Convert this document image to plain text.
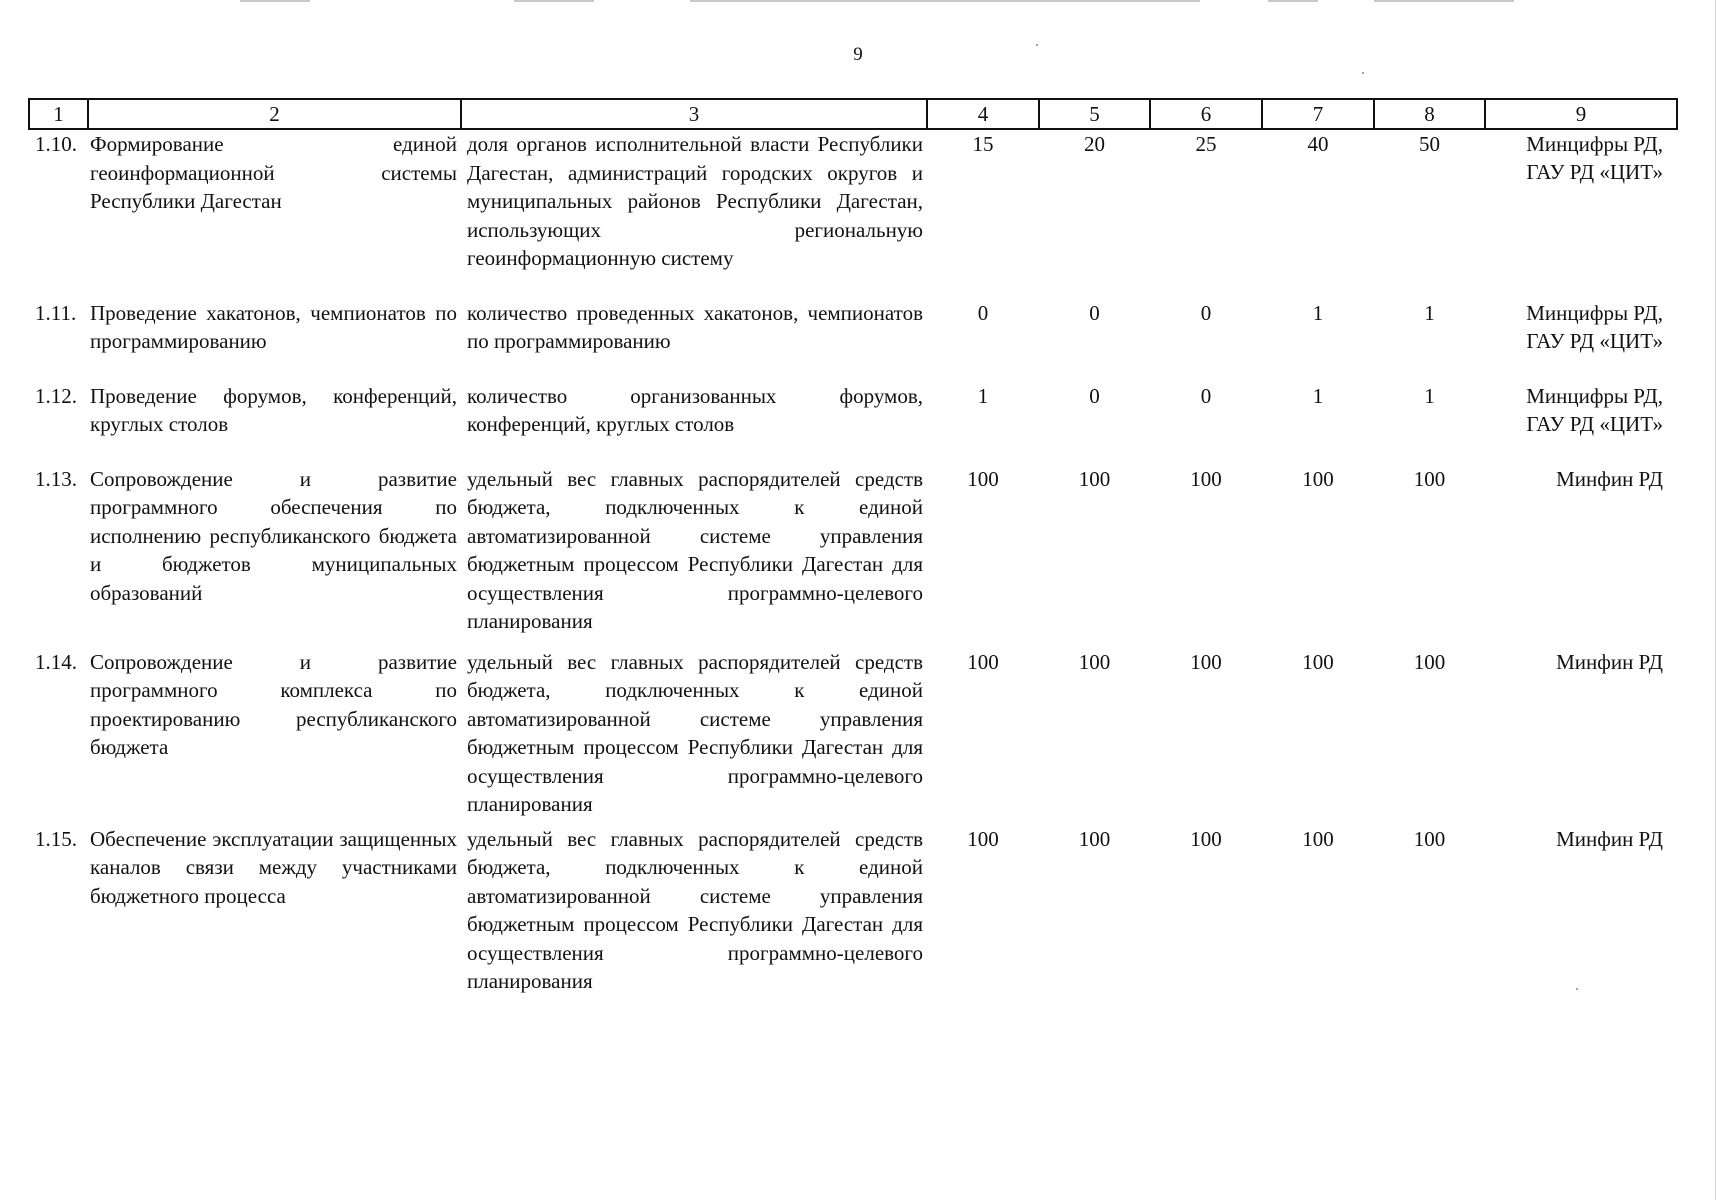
9
1	2	3	4	5	6	7	8	9
1.10.	Формирование единой геоинформационной системы Республики Дагестан	доля органов исполнительной власти Республики Дагестан, администраций городских округов и муниципальных районов Республики Дагестан, использующих региональную геоинформационную систему	15	20	25	40	50	Минцифры РД, ГАУ РД «ЦИТ»
1.11.	Проведение хакатонов, чемпионатов по программированию	количество проведенных хакатонов, чемпионатов по программированию	0	0	0	1	1	Минцифры РД, ГАУ РД «ЦИТ»
1.12.	Проведение форумов, конференций, круглых столов	количество организованных форумов, конференций, круглых столов	1	0	0	1	1	Минцифры РД, ГАУ РД «ЦИТ»
1.13.	Сопровождение и развитие программного обеспечения по исполнению республиканского бюджета и бюджетов муниципальных образований	удельный вес главных распорядителей средств бюджета, подключенных к единой автоматизированной системе управления бюджетным процессом Республики Дагестан для осуществления программно-целевого планирования	100	100	100	100	100	Минфин РД
1.14.	Сопровождение и развитие программного комплекса по проектированию республиканского бюджета	удельный вес главных распорядителей средств бюджета, подключенных к единой автоматизированной системе управления бюджетным процессом Республики Дагестан для осуществления программно-целевого планирования	100	100	100	100	100	Минфин РД
1.15.	Обеспечение эксплуатации защищенных каналов связи между участниками бюджетного процесса	удельный вес главных распорядителей средств бюджета, подключенных к единой автоматизированной системе управления бюджетным процессом Республики Дагестан для осуществления программно-целевого планирования	100	100	100	100	100	Минфин РД
